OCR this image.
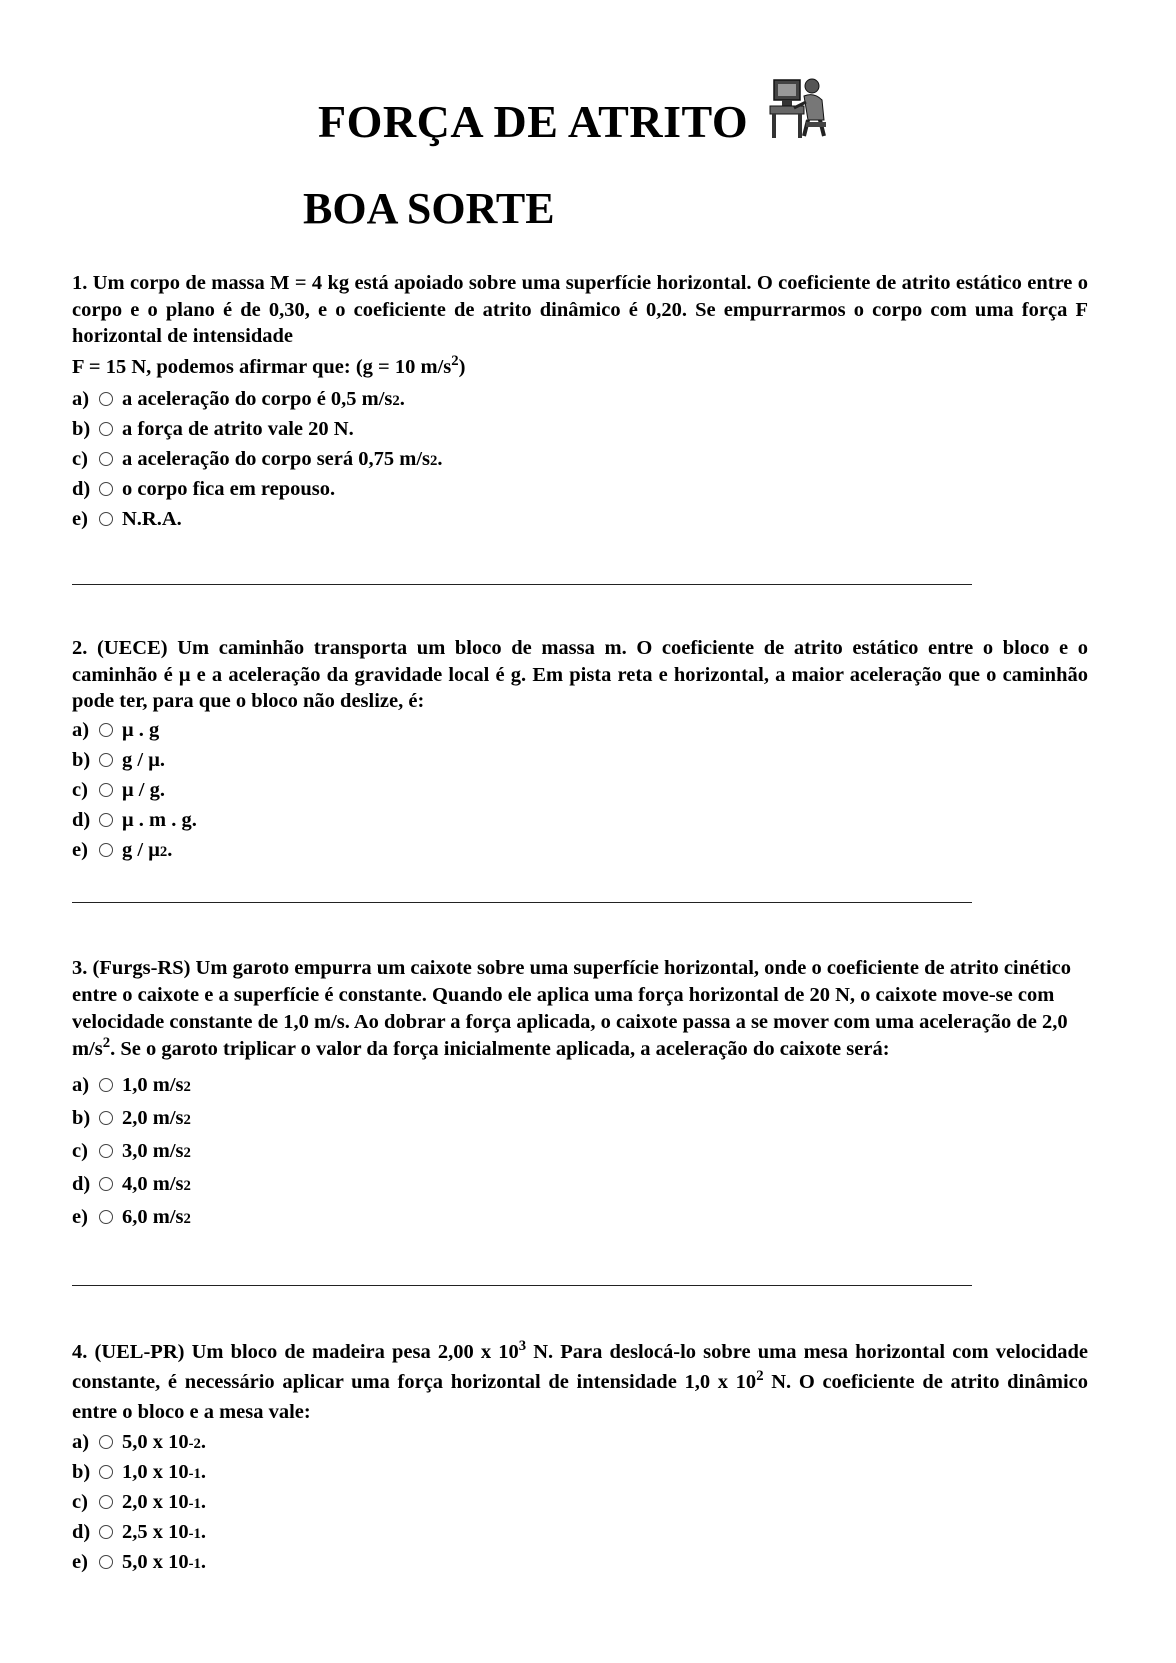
FORÇA DE ATRITO
BOA SORTE

1. Um corpo de massa M = 4 kg está apoiado sobre uma superfície horizontal. O coeficiente de atrito estático entre o corpo e o plano é de 0,30, e o coeficiente de atrito dinâmico é 0,20. Se empurrarmos o corpo com uma força F horizontal de intensidade

F = 15 N, podemos afirmar que: (g = 10 $m/s^2$)

a)	a aceleração do corpo é 0,5 m/s 2 .
b) a força de atrito vale 20 N.
c)	a aceleração do corpo será 0,75 m/s 2 .
d) o corpo fica em repouso.
e)	N.R.A.

2. (UECE) Um caminhão transporta um bloco de massa m. O coeficiente de atrito estático entre o bloco e o caminhão é μ e a aceleração da gravidade local é g. Em pista reta e horizontal, a maior aceleração que o caminhão pode ter, para que o bloco não deslize, é:

a)	μ . g
b) g / μ.
c)	μ / g.
d) μ . m . g.
e)	g / μ 2 .

3. (Furgs-RS) Um garoto empurra um caixote sobre uma superfície horizontal, onde o coeficiente de atrito cinético entre o caixote e a superfície é constante. Quando ele aplica uma força horizontal de 20 N, o caixote move-se com velocidade constante de 1,0 m/s. Ao dobrar a força aplicada, o caixote passa a se mover com uma aceleração de 2,0 $m/s^2$. Se o garoto triplicar o valor da força inicialmente aplicada, a aceleração do caixote será:

a)	1,0 m/s 2
b) 2,0 m/s 2
c)	3,0 m/s 2
d) 4,0 m/s 2
e)	6,0 m/s 2

4. (UEL-PR) Um bloco de madeira pesa 2,00 x $10^3$ N. Para deslocá-lo sobre uma mesa horizontal com velocidade constante, é necessário aplicar uma força horizontal de intensidade 1,0 x $10^2$ N. O coeficiente de atrito dinâmico entre o bloco e a mesa vale:

a)	5,0 x 10 -2 .
b) 1,0 x 10 -1 .
c)	2,0 x 10 -1 .
d) 2,5 x 10 -1 .
e)	5,0 x 10 -1 .
